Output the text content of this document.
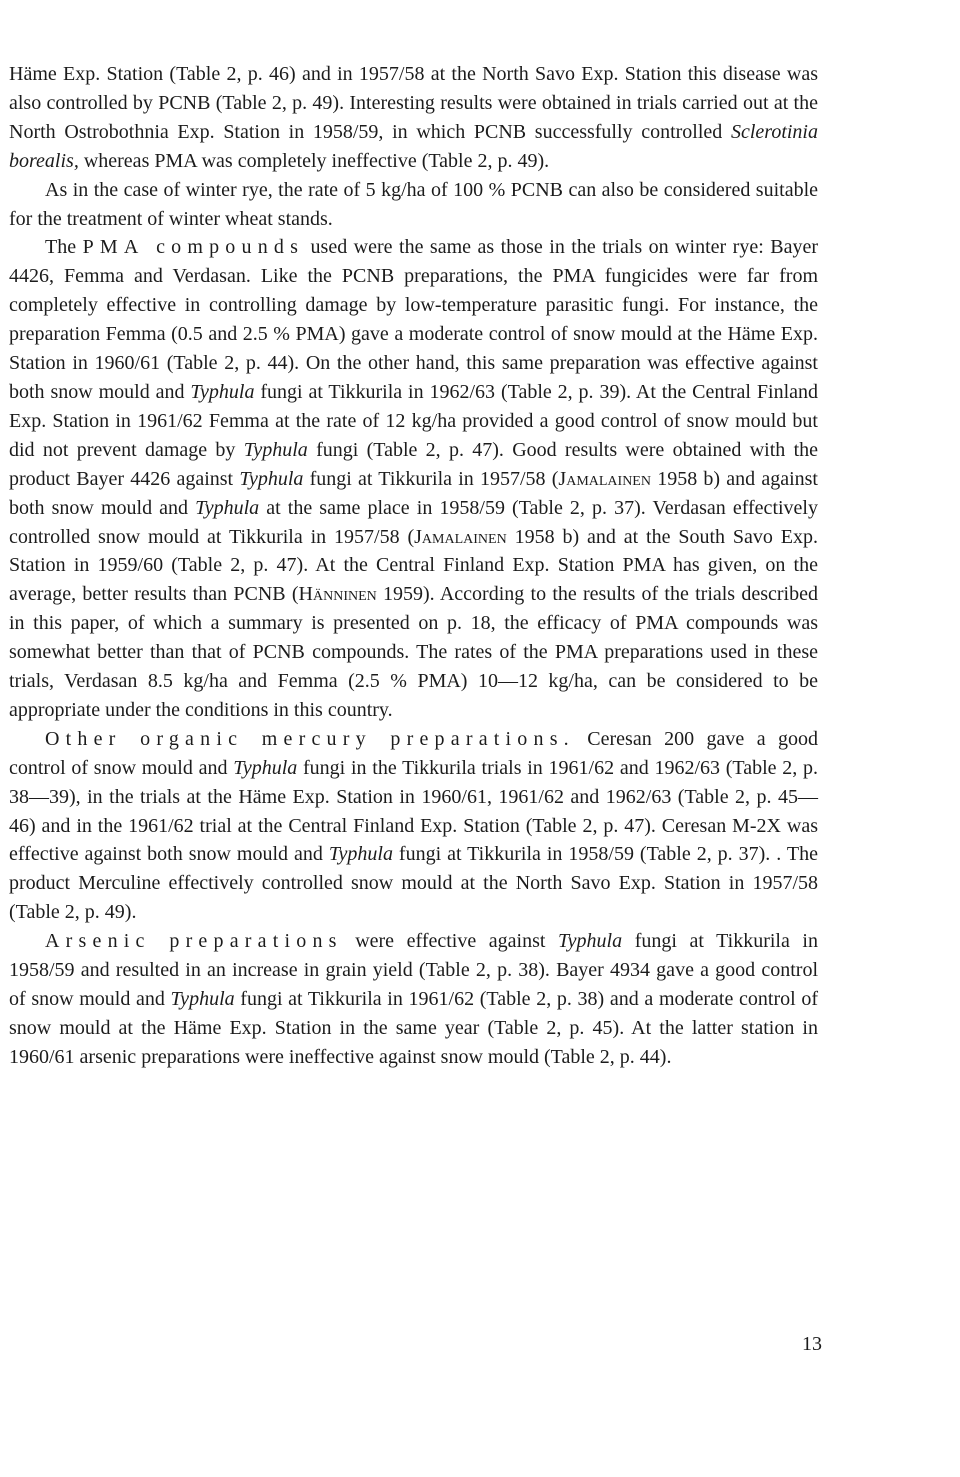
Häme Exp. Station (Table 2, p. 46) and in 1957/58 at the North Savo Exp. Station this disease was also controlled by PCNB (Table 2, p. 49). Interesting results were obtained in trials carried out at the North Ostrobothnia Exp. Station in 1958/59, in which PCNB successfully controlled Sclerotinia borealis, whereas PMA was completely ineffective (Table 2, p. 49).

As in the case of winter rye, the rate of 5 kg/ha of 100 % PCNB can also be considered suitable for the treatment of winter wheat stands.

The PMA compounds used were the same as those in the trials on winter rye: Bayer 4426, Femma and Verdasan. Like the PCNB preparations, the PMA fungicides were far from completely effective in controlling damage by low-temperature parasitic fungi. For instance, the preparation Femma (0.5 and 2.5 % PMA) gave a moderate control of snow mould at the Häme Exp. Station in 1960/61 (Table 2, p. 44). On the other hand, this same preparation was effective against both snow mould and Typhula fungi at Tikkurila in 1962/63 (Table 2, p. 39). At the Central Finland Exp. Station in 1961/62 Femma at the rate of 12 kg/ha provided a good control of snow mould but did not prevent damage by Typhula fungi (Table 2, p. 47). Good results were obtained with the product Bayer 4426 against Typhula fungi at Tikkurila in 1957/58 (Jamalainen 1958 b) and against both snow mould and Typhula at the same place in 1958/59 (Table 2, p. 37). Verdasan effectively controlled snow mould at Tikkurila in 1957/58 (Jamalainen 1958 b) and at the South Savo Exp. Station in 1959/60 (Table 2, p. 47). At the Central Finland Exp. Station PMA has given, on the average, better results than PCNB (Hänninen 1959). According to the results of the trials described in this paper, of which a summary is presented on p. 18, the efficacy of PMA compounds was somewhat better than that of PCNB compounds. The rates of the PMA preparations used in these trials, Verdasan 8.5 kg/ha and Femma (2.5 % PMA) 10—12 kg/ha, can be considered to be appropriate under the conditions in this country.

Other organic mercury preparations. Ceresan 200 gave a good control of snow mould and Typhula fungi in the Tikkurila trials in 1961/62 and 1962/63 (Table 2, p. 38—39), in the trials at the Häme Exp. Station in 1960/61, 1961/62 and 1962/63 (Table 2, p. 45—46) and in the 1961/62 trial at the Central Finland Exp. Station (Table 2, p. 47). Ceresan M-2X was effective against both snow mould and Typhula fungi at Tikkurila in 1958/59 (Table 2, p. 37). . The product Merculine effectively controlled snow mould at the North Savo Exp. Station in 1957/58 (Table 2, p. 49).

Arsenic preparations were effective against Typhula fungi at Tikkurila in 1958/59 and resulted in an increase in grain yield (Table 2, p. 38). Bayer 4934 gave a good control of snow mould and Typhula fungi at Tikkurila in 1961/62 (Table 2, p. 38) and a moderate control of snow mould at the Häme Exp. Station in the same year (Table 2, p. 45). At the latter station in 1960/61 arsenic preparations were ineffective against snow mould (Table 2, p. 44).

13
